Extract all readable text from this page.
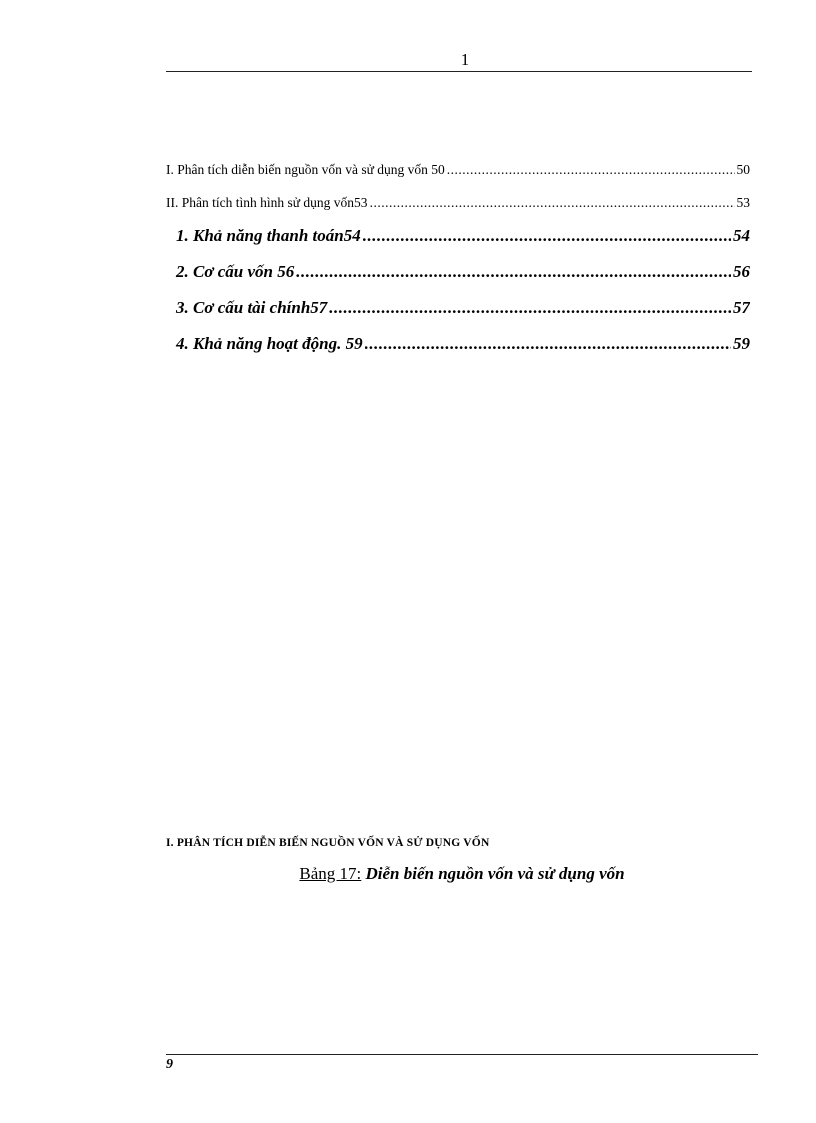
1
I. Phân tích diễn biến nguồn vốn và sử dụng vốn 50 .....	50
II. Phân tích tình hình sử dụng vốn53 .....	53
1. Khả năng thanh toán54 .....	54
2. Cơ cấu vốn 56 .....	56
3. Cơ cấu tài chính57 .....	57
4. Khả năng hoạt động. 59 .....	59
I. PHÂN TÍCH DIỄN BIẾN NGUỒN VỐN VÀ SỬ DỤNG VỐN
Bảng 17: Diễn biến nguồn vốn và sử dụng vốn
9
